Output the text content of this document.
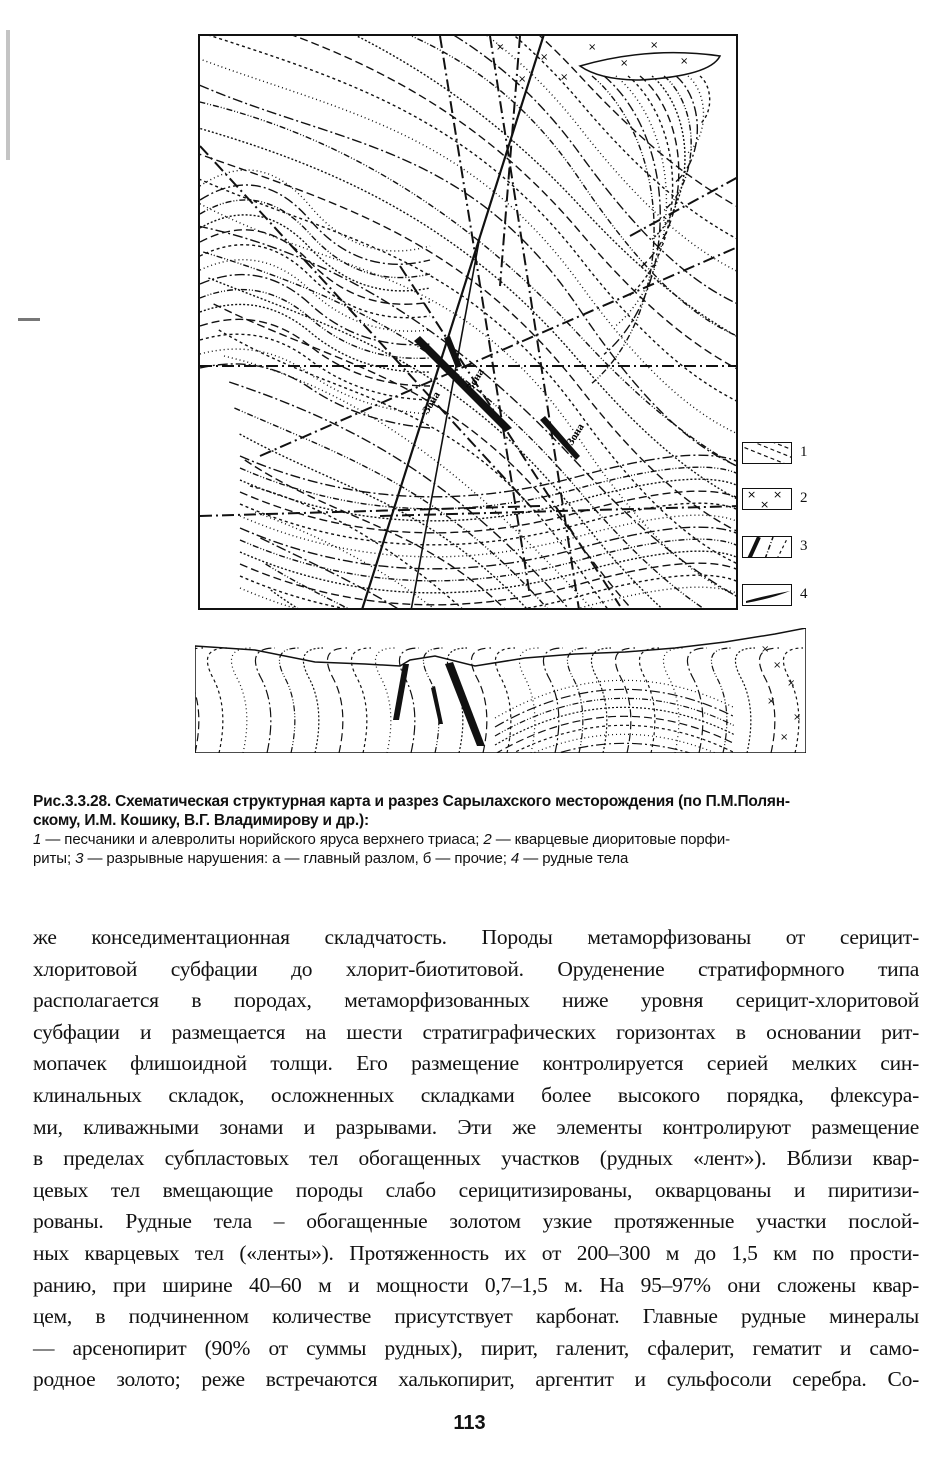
×
×
×
×
×
×
×
×
Зона
Зона
Зона
1
× ×
× 2
3
4
×
×
×
×
×
×
Рис.3.3.28. Схематическая структурная карта и разрез Сарылахского месторождения (по П.М.Полян-
скому, И.М. Кошику, В.Г. Владимирову и др.):
1 — песчаники и алевролиты норийского яруса верхнего триаса; 2 — кварцевые диоритовые порфи-
риты; 3 — разрывные нарушения: а — главный разлом, б — прочие; 4 — рудные тела

же конседиментационная складчатость. Породы метаморфизованы от серицит-

хлоритовой субфации до хлорит-биотитовой. Оруденение стратиформного типа

располагается в породах, метаморфизованных ниже уровня серицит-хлоритовой

субфации и размещается на шести стратиграфических горизонтах в основании рит-

мопачек флишоидной толщи. Его размещение контролируется серией мелких син-

клинальных складок, осложненных складками более высокого порядка, флексура-

ми, кливажными зонами и разрывами. Эти же элементы контролируют размещение

в пределах субпластовых тел обогащенных участков (рудных «лент»). Вблизи квар-

цевых тел вмещающие породы слабо серицитизированы, окварцованы и пиритизи-

рованы. Рудные тела – обогащенные золотом узкие протяженные участки послой-

ных кварцевых тел («ленты»). Протяженность их от 200–300 м до 1,5 км по прости-

ранию, при ширине 40–60 м и мощности 0,7–1,5 м. На 95–97% они сложены квар-

цем, в подчиненном количестве присутствует карбонат. Главные рудные минералы

— арсенопирит (90% от суммы рудных), пирит, галенит, сфалерит, гематит и само-

родное золото; реже встречаются халькопирит, аргентит и сульфосоли серебра. Со-

113
